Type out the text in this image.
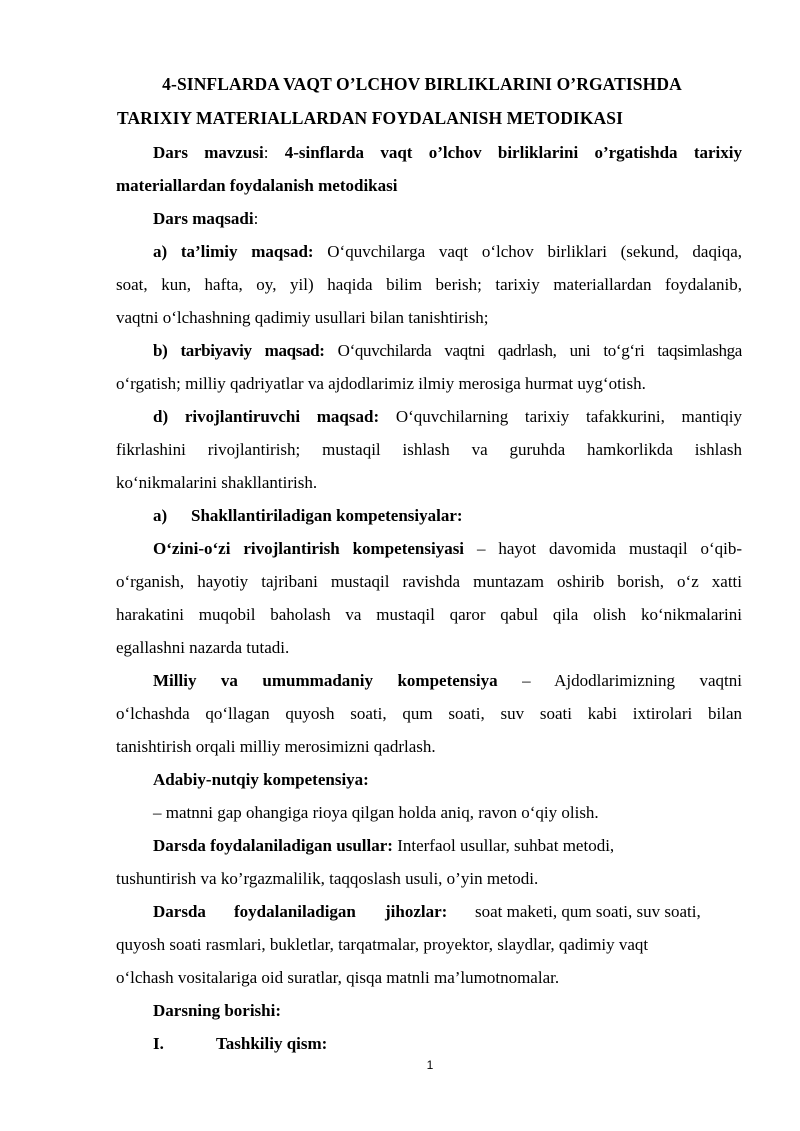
4-SINFLARDA VAQT O’LCHOV BIRLIKLARINI O’RGATISHDA
TARIXIY MATERIALLARDAN FOYDALANISH METODIKASI
Dars mavzusi: 4-sinflarda vaqt o’lchov birliklarini o’rgatishda tarixiy
materiallardan foydalanish metodikasi
Dars maqsadi:
a) ta’limiy maqsad: O‘quvchilarga vaqt o‘lchov birliklari (sekund, daqiqa,
soat, kun, hafta, oy, yil) haqida bilim berish; tarixiy materiallardan foydalanib,
vaqtni o‘lchashning qadimiy usullari bilan tanishtirish;
b) tarbiyaviy maqsad: O‘quvchilarda vaqtni qadrlash, uni to‘g‘ri taqsimlashga
o‘rgatish; milliy qadriyatlar va ajdodlarimiz ilmiy merosiga hurmat uyg‘otish.
d) rivojlantiruvchi maqsad: O‘quvchilarning tarixiy tafakkurini, mantiqiy
fikrlashini rivojlantirish; mustaqil ishlash va guruhda hamkorlikda ishlash
ko‘nikmalarini shakllantirish.
a) Shakllantiriladigan kompetensiyalar:
O‘zini-o‘zi rivojlantirish kompetensiyasi – hayot davomida mustaqil o‘qib-
o‘rganish, hayotiy tajribani mustaqil ravishda muntazam oshirib borish, o‘z xatti
harakatini muqobil baholash va mustaqil qaror qabul qila olish ko‘nikmalarini
egallashni nazarda tutadi.
Milliy va umummadaniy kompetensiya – Ajdodlarimizning vaqtni
o‘lchashda qo‘llagan quyosh soati, qum soati, suv soati kabi ixtirolari bilan
tanishtirish orqali milliy merosimizni qadrlash.
Adabiy-nutqiy kompetensiya:
– matnni gap ohangiga rioya qilgan holda aniq, ravon o‘qiy olish.
Darsda foydalaniladigan usullar: Interfaol usullar, suhbat metodi,
tushuntirish va ko’rgazmalilik, taqqoslash usuli, o’yin metodi.
Darsda foydalaniladigan jihozlar: soat maketi, qum soati, suv soati,
quyosh soati rasmlari, bukletlar, tarqatmalar, proyektor, slaydlar, qadimiy vaqt
o‘lchash vositalariga oid suratlar, qisqa matnli ma’lumotnomalar.
Darsning borishi:
I.	Tashkiliy qism:
1
